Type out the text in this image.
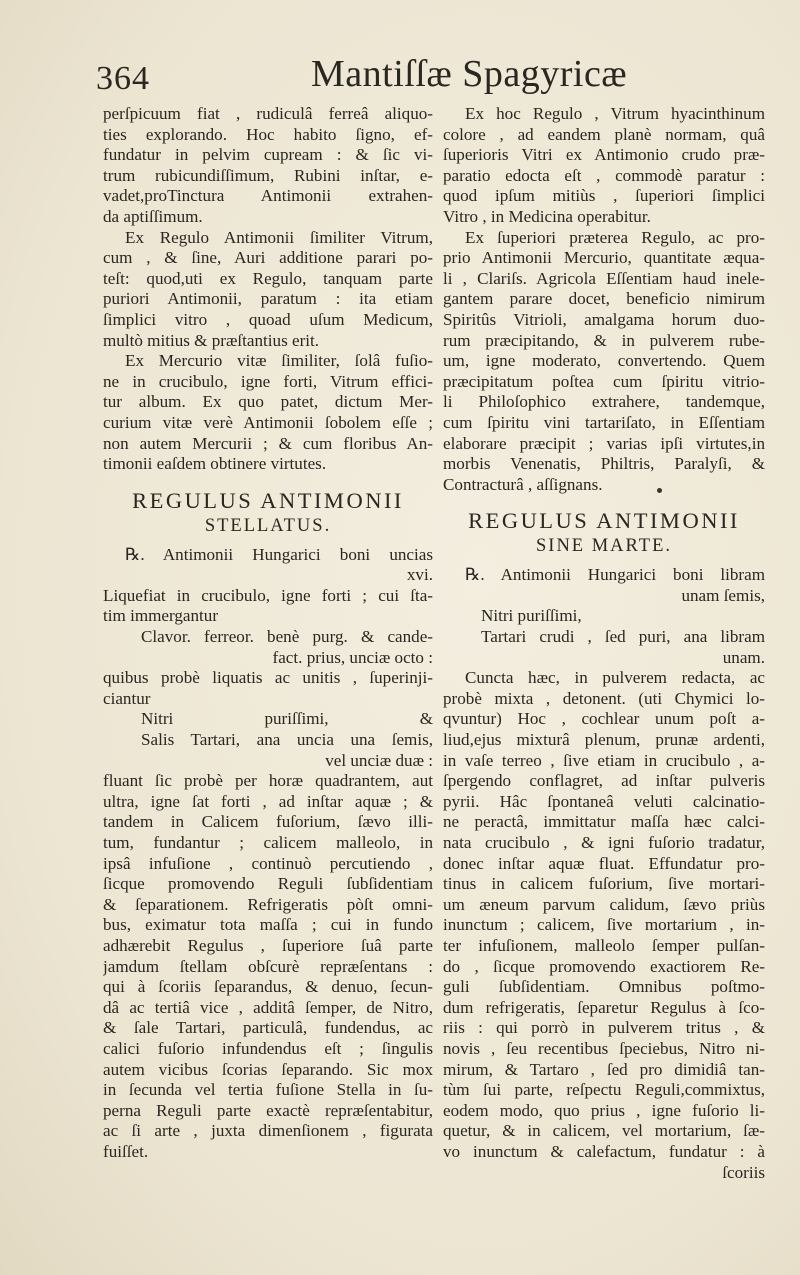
364	Mantiſſæ Spagyricæ
perſpicuum fiat , rudiculâ ferreâ aliquo-
ties explorando. Hoc habito ſigno, ef-
fundatur in pelvim cupream : & ſic vi-
trum rubicundiſſimum, Rubini inſtar, e-
vadet,proTinctura Antimonii extrahen-
da aptiſſimum.
Ex Regulo Antimonii ſimiliter Vitrum,
cum , & ſine, Auri additione parari po-
teſt: quod,uti ex Regulo, tanquam parte
puriori Antimonii, paratum : ita etiam
ſimplici vitro , quoad uſum Medicum,
multò mitius & præſtantius erit.
Ex Mercurio vitæ ſimiliter, ſolâ fuſio-
ne in crucibulo, igne forti, Vitrum effici-
tur album. Ex quo patet, dictum Mer-
curium vitæ verè Antimonii ſobolem eſſe ;
non autem Mercurii ; & cum floribus An-
timonii eaſdem obtinere virtutes.
REGULUS ANTIMONII
STELLATUS.
℞. Antimonii Hungarici boni uncias
xvi.
Liquefiat in crucibulo, igne forti ; cui ſta-
tim immergantur
Clavor. ferreor. benè purg. & cande-
fact. prius, unciæ octo :
quibus probè liquatis ac unitis , ſuperinji-
ciantur
Nitri puriſſimi, &
Salis Tartari, ana uncia una ſemis,
vel unciæ duæ :
fluant ſic probè per horæ quadrantem, aut
ultra, igne ſat forti , ad inſtar aquæ ; &
tandem in Calicem fuſorium, ſævo illi-
tum, fundantur ; calicem malleolo, in
ipsâ infuſione , continuò percutiendo ,
ſicque promovendo Reguli ſubſidentiam
& ſeparationem. Refrigeratis pòſt omni-
bus, eximatur tota maſſa ; cui in fundo
adhærebit Regulus , ſuperiore ſuâ parte
jamdum ſtellam obſcurè repræſentans :
qui à ſcoriis ſeparandus, & denuo, ſecun-
dâ ac tertiâ vice , additâ ſemper, de Nitro,
& ſale Tartari, particulâ, fundendus, ac
calici fuſorio infundendus eſt ; ſingulis
autem vicibus ſcorias ſeparando. Sic mox
in ſecunda vel tertia fuſione Stella in ſu-
perna Reguli parte exactè repræſentabitur,
ac ſi arte , juxta dimenſionem , figurata
fuiſſet.
Ex hoc Regulo , Vitrum hyacinthinum
colore , ad eandem planè normam, quâ
ſuperioris Vitri ex Antimonio crudo præ-
paratio edocta eſt , commodè paratur :
quod ipſum mitiùs , ſuperiori ſimplici
Vitro , in Medicina operabitur.
Ex ſuperiori præterea Regulo, ac pro-
prio Antimonii Mercurio, quantitate æqua-
li , Clariſs. Agricola Eſſentiam haud inele-
gantem parare docet, beneficio nimirum
Spiritûs Vitrioli, amalgama horum duo-
rum præcipitando, & in pulverem rube-
um, igne moderato, convertendo. Quem
præcipitatum poſtea cum ſpiritu vitrio-
li Philoſophico extrahere, tandemque,
cum ſpiritu vini tartariſato, in Eſſentiam
elaborare præcipit ; varias ipſi virtutes,in
morbis Venenatis, Philtris, Paralyſi, &
Contracturâ , aſſignans.
REGULUS ANTIMONII
SINE MARTE.
℞. Antimonii Hungarici boni libram
unam ſemis,
Nitri puriſſimi,
Tartari crudi , ſed puri, ana libram
unam.
Cuncta hæc, in pulverem redacta, ac
probè mixta , detonent. (uti Chymici lo-
qvuntur) Hoc , cochlear unum poſt a-
liud,ejus mixturâ plenum, prunæ ardenti,
in vaſe terreo , ſive etiam in crucibulo , a-
ſpergendo conflagret, ad inſtar pulveris
pyrii. Hâc ſpontaneâ veluti calcinatio-
ne peractâ, immittatur maſſa hæc calci-
nata crucibulo , & igni fuſorio tradatur,
donec inſtar aquæ fluat. Effundatur pro-
tinus in calicem fuſorium, ſive mortari-
um æneum parvum calidum, ſævo priùs
inunctum ; calicem, ſive mortarium , in-
ter infuſionem, malleolo ſemper pulſan-
do , ſicque promovendo exactiorem Re-
guli ſubſidentiam. Omnibus poſtmo-
dum refrigeratis, ſeparetur Regulus à ſco-
riis : qui porrò in pulverem tritus , &
novis , ſeu recentibus ſpeciebus, Nitro ni-
mirum, & Tartaro , ſed pro dimidiâ tan-
tùm ſui parte, reſpectu Reguli,commixtus,
eodem modo, quo prius , igne fuſorio li-
quetur, & in calicem, vel mortarium, ſæ-
vo inunctum & calefactum, fundatur : à
ſcoriis
